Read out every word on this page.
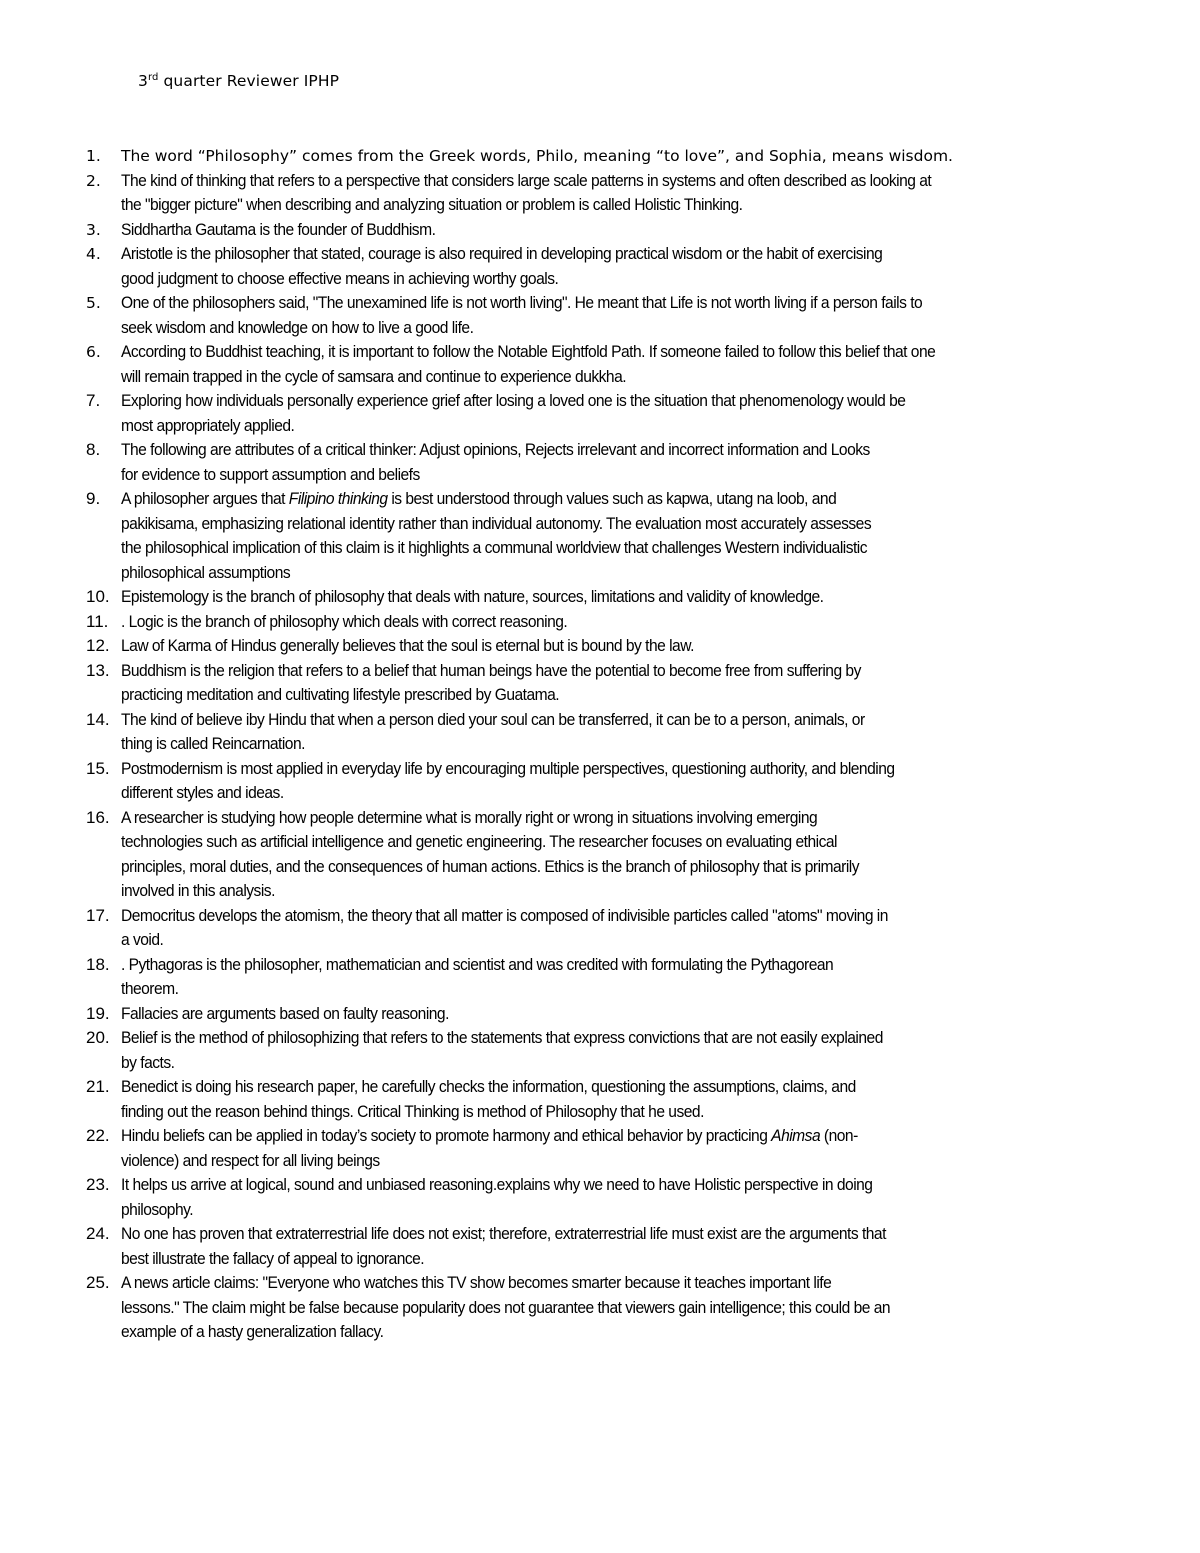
3rd quarter Reviewer IPHP
1.	The word “Philosophy” comes from the Greek words, Philo, meaning “to love”, and Sophia, means wisdom.
2.	The kind of thinking that refers to a perspective that considers large scale patterns in systems and often described as looking at
the "bigger picture" when describing and analyzing situation or problem is called Holistic Thinking.
3.	Siddhartha Gautama is the founder of Buddhism.
4.	Aristotle is the philosopher that stated, courage is also required in developing practical wisdom or the habit of exercising
good judgment to choose effective means in achieving worthy goals.
5.	One of the philosophers said, "The unexamined life is not worth living". He meant that Life is not worth living if a person fails to
seek wisdom and knowledge on how to live a good life.
6.	According to Buddhist teaching, it is important to follow the Notable Eightfold Path. If someone failed to follow this belief that one
will remain trapped in the cycle of samsara and continue to experience dukkha.
7.	Exploring how individuals personally experience grief after losing a loved one is the situation that phenomenology would be
most appropriately applied.
8.	The following are attributes of a critical thinker: Adjust opinions, Rejects irrelevant and incorrect information and Looks
for evidence to support assumption and beliefs
9.	A philosopher argues that Filipino thinking is best understood through values such as kapwa, utang na loob, and
pakikisama, emphasizing relational identity rather than individual autonomy. The evaluation most accurately assesses
the philosophical implication of this claim is it highlights a communal worldview that challenges Western individualistic
philosophical assumptions
10. Epistemology is the branch of philosophy that deals with nature, sources, limitations and validity of knowledge.
11. . Logic is the branch of philosophy which deals with correct reasoning.
12. Law of Karma of Hindus generally believes that the soul is eternal but is bound by the law.
13. Buddhism is the religion that refers to a belief that human beings have the potential to become free from suffering by
practicing meditation and cultivating lifestyle prescribed by Guatama.
14. The kind of believe iby Hindu that when a person died your soul can be transferred, it can be to a person, animals, or
thing is called Reincarnation.
15. Postmodernism is most applied in everyday life by encouraging multiple perspectives, questioning authority, and blending
different styles and ideas.
16. A researcher is studying how people determine what is morally right or wrong in situations involving emerging
technologies such as artificial intelligence and genetic engineering. The researcher focuses on evaluating ethical
principles, moral duties, and the consequences of human actions. Ethics is the branch of philosophy that is primarily
involved in this analysis.
17. Democritus develops the atomism, the theory that all matter is composed of indivisible particles called "atoms" moving in
a void.
18. . Pythagoras is the philosopher, mathematician and scientist and was credited with formulating the Pythagorean
theorem.
19. Fallacies are arguments based on faulty reasoning.
20. Belief is the method of philosophizing that refers to the statements that express convictions that are not easily explained
by facts.
21. Benedict is doing his research paper, he carefully checks the information, questioning the assumptions, claims, and
finding out the reason behind things. Critical Thinking is method of Philosophy that he used.
22. Hindu beliefs can be applied in today’s society to promote harmony and ethical behavior by practicing Ahimsa (non-
violence) and respect for all living beings
23. It helps us arrive at logical, sound and unbiased reasoning.explains why we need to have Holistic perspective in doing
philosophy.
24. No one has proven that extraterrestrial life does not exist; therefore, extraterrestrial life must exist are the arguments that
best illustrate the fallacy of appeal to ignorance.
25. A news article claims: "Everyone who watches this TV show becomes smarter because it teaches important life
lessons." The claim might be false because popularity does not guarantee that viewers gain intelligence; this could be an
example of a hasty generalization fallacy.
